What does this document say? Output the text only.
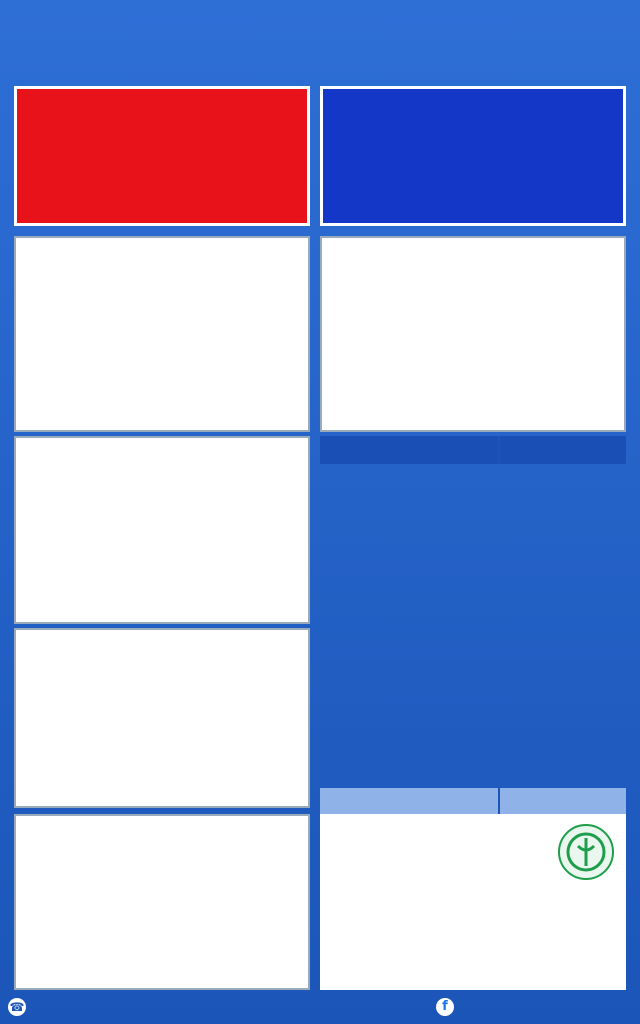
☎	f
